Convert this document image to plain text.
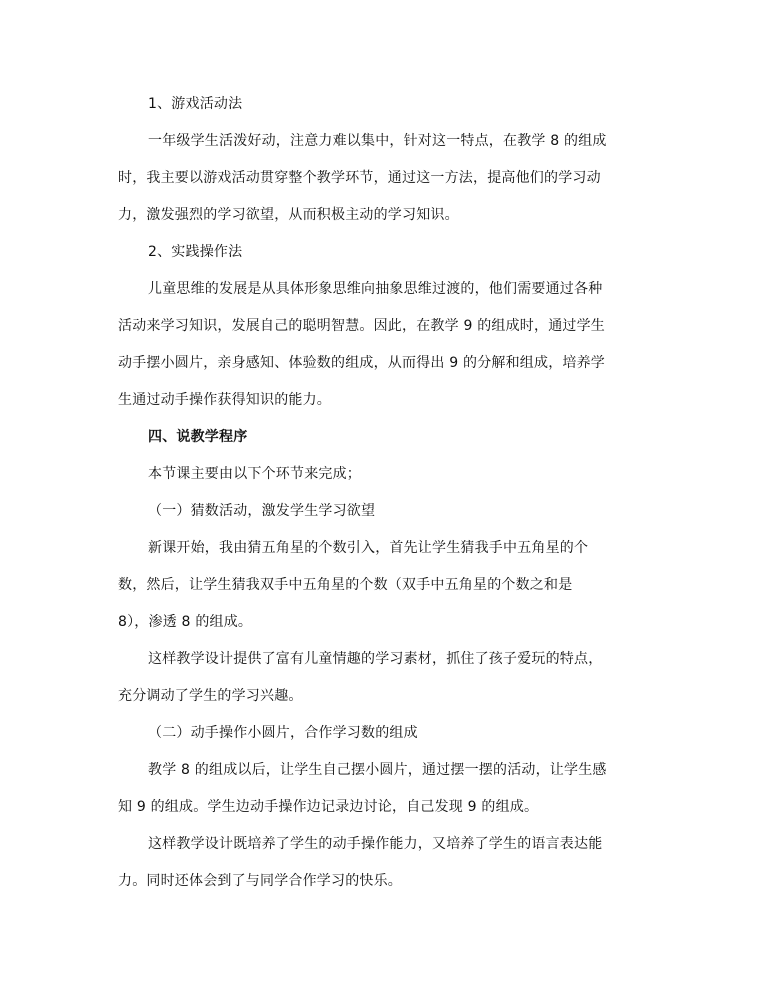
1、游戏活动法
一年级学生活泼好动，注意力难以集中，针对这一特点，在教学 8 的组成
时，我主要以游戏活动贯穿整个教学环节，通过这一方法，提高他们的学习动
力，激发强烈的学习欲望，从而积极主动的学习知识。
2、实践操作法
儿童思维的发展是从具体形象思维向抽象思维过渡的，他们需要通过各种
活动来学习知识，发展自己的聪明智慧。因此，在教学 9 的组成时，通过学生
动手摆小圆片，亲身感知、体验数的组成，从而得出 9 的分解和组成，培养学
生通过动手操作获得知识的能力。
四、说教学程序
本节课主要由以下个环节来完成；
（一）猜数活动，激发学生学习欲望
新课开始，我由猜五角星的个数引入，首先让学生猜我手中五角星的个
数，然后，让学生猜我双手中五角星的个数（双手中五角星的个数之和是
8），渗透 8 的组成。
这样教学设计提供了富有儿童情趣的学习素材，抓住了孩子爱玩的特点，
充分调动了学生的学习兴趣。
（二）动手操作小圆片，合作学习数的组成
教学 8 的组成以后，让学生自己摆小圆片，通过摆一摆的活动，让学生感
知 9 的组成。学生边动手操作边记录边讨论，自己发现 9 的组成。
这样教学设计既培养了学生的动手操作能力，又培养了学生的语言表达能
力。同时还体会到了与同学合作学习的快乐。
